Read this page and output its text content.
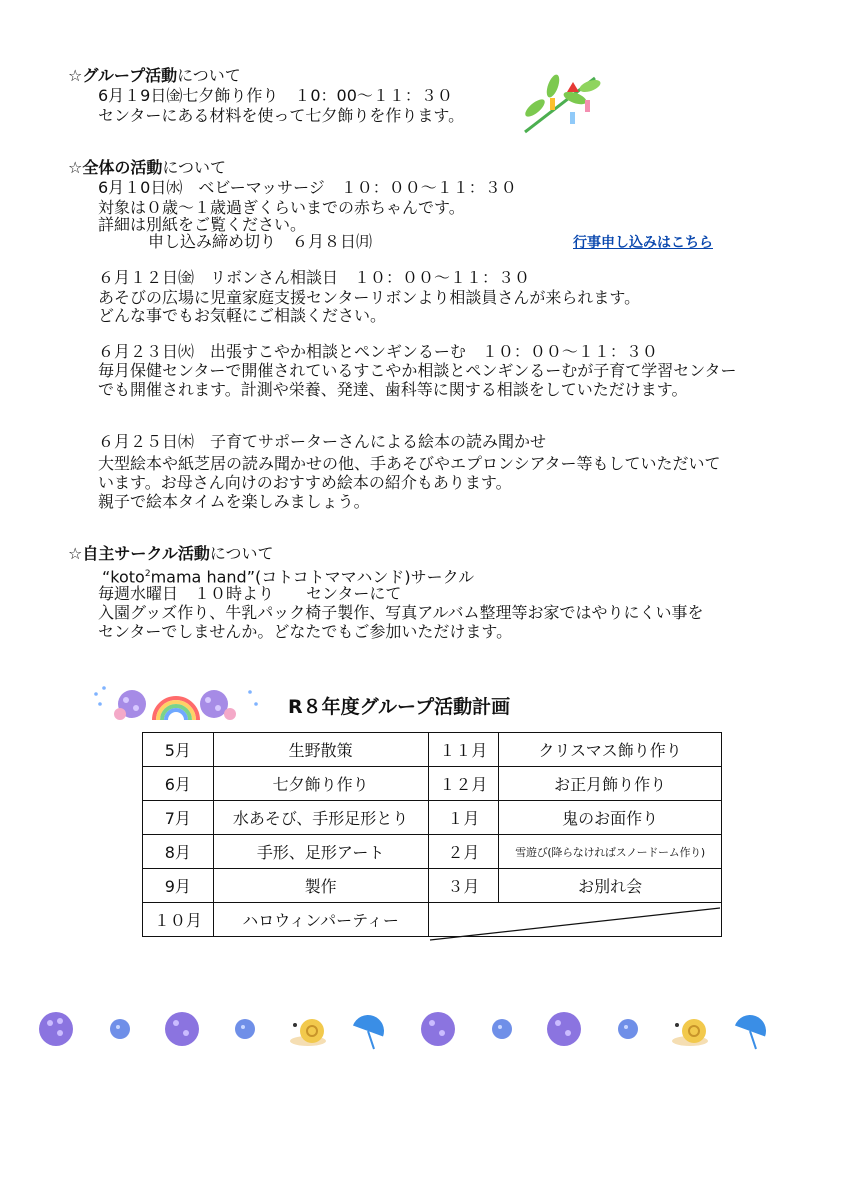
☆グループ活動について
6月１9日㈮七夕飾り作り　１0：00～１１：３０
センターにある材料を使って七夕飾りを作ります。
☆全体の活動について
6月１0日㈬　ベビーマッサージ　１０：００～１１：３０
対象は０歳～１歳過ぎくらいまでの赤ちゃんです。
詳細は別紙をご覧ください。
申し込み締め切り　６月８日㈪	行事申し込みはこちら
６月１２日㈮　リボンさん相談日　１０：００～１１：３０
あそびの広場に児童家庭支援センターリボンより相談員さんが来られます。
どんな事でもお気軽にご相談ください。
６月２３日㈫　出張すこやか相談とペンギンるーむ　１０：００～１１：３０
毎月保健センターで開催されているすこやか相談とペンギンるーむが子育て学習センター
でも開催されます。計測や栄養、発達、歯科等に関する相談をしていただけます。
６月２５日㈭　子育てサポーターさんによる絵本の読み聞かせ
大型絵本や紙芝居の読み聞かせの他、手あそびやエプロンシアター等もしていただいて
います。お母さん向けのおすすめ絵本の紹介もあります。
親子で絵本タイムを楽しみましょう。
☆自主サークル活動について
“koto$^2$mama hand”(コトコトママハンド)サークル
毎週水曜日　１０時より　　センターにて
入園グッズ作り、牛乳パック椅子製作、写真アルバム整理等お家ではやりにくい事を
センターでしませんか。どなたでもご参加いただけます。
R８年度グループ活動計画
5月	生野散策	１１月	クリスマス飾り作り
6月	七夕飾り作り	１２月	お正月飾り作り
7月	水あそび、手形足形とり	１月	鬼のお面作り
8月	手形、足形アート	２月	雪遊び(降らなければスノードーム作り)
9月	製作	３月	お別れ会
１０月	ハロウィンパーティー		
